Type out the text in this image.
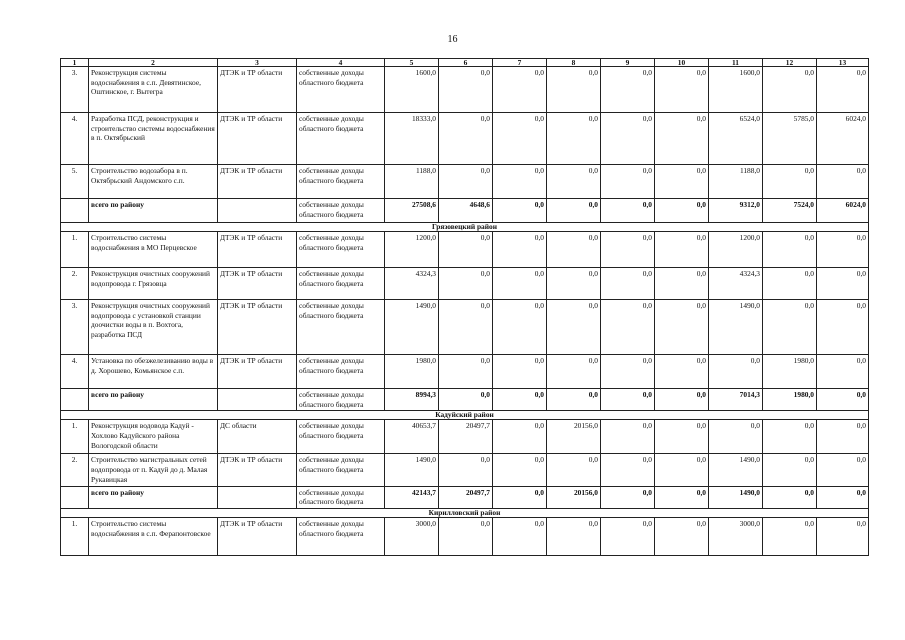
16
1	2	3	4	5	6	7	8	9	10	11	12	13
3.	Реконструкция системы водоснабжения в с.п. Девятинское, Оштинское, г. Вытегра	ДТЭК и ТР области	собственные доходы областного бюджета	1600,0	0,0	0,0	0,0	0,0	0,0	1600,0	0,0	0,0
4.	Разработка ПСД, реконструкция и строительство системы водоснабжения в п. Октябрьский	ДТЭК и ТР области	собственные доходы областного бюджета	18333,0	0,0	0,0	0,0	0,0	0,0	6524,0	5785,0	6024,0
5.	Строительство водозабора в п. Октябрьский Андомского с.п.	ДТЭК и ТР области	собственные доходы областного бюджета	1188,0	0,0	0,0	0,0	0,0	0,0	1188,0	0,0	0,0
	всего по району		собственные доходы областного бюджета	27508,6	4648,6	0,0	0,0	0,0	0,0	9312,0	7524,0	6024,0
Грязовецкий район												
1.	Строительство системы водоснабжения в МО Перцевское	ДТЭК и ТР области	собственные доходы областного бюджета	1200,0	0,0	0,0	0,0	0,0	0,0	1200,0	0,0	0,0
2.	Реконструкция очистных сооружений водопровода г. Грязовца	ДТЭК и ТР области	собственные доходы областного бюджета	4324,3	0,0	0,0	0,0	0,0	0,0	4324,3	0,0	0,0
3.	Реконструкция очистных сооружений водопровода с установкой станции доочистки воды в п. Вохтога, разработка ПСД	ДТЭК и ТР области	собственные доходы областного бюджета	1490,0	0,0	0,0	0,0	0,0	0,0	1490,0	0,0	0,0
4.	Установка по обезжелезиванию воды в д. Хорошево, Комьянское с.п.	ДТЭК и ТР области	собственные доходы областного бюджета	1980,0	0,0	0,0	0,0	0,0	0,0	0,0	1980,0	0,0
	всего по району		собственные доходы областного бюджета	8994,3	0,0	0,0	0,0	0,0	0,0	7014,3	1980,0	0,0
Кадуйский район												
1.	Реконструкция водовода Кадуй - Хохлово Кадуйского района Вологодской области	ДС области	собственные доходы областного бюджета	40653,7	20497,7	0,0	20156,0	0,0	0,0	0,0	0,0	0,0
2.	Строительство магистральных сетей водопровода от п. Кадуй до д. Малая Рукавицкая	ДТЭК и ТР области	собственные доходы областного бюджета	1490,0	0,0	0,0	0,0	0,0	0,0	1490,0	0,0	0,0
	всего по району		собственные доходы областного бюджета	42143,7	20497,7	0,0	20156,0	0,0	0,0	1490,0	0,0	0,0
Кирилловский район												
1.	Строительство системы водоснабжения в с.п. Ферапонтовское	ДТЭК и ТР области	собственные доходы областного бюджета	3000,0	0,0	0,0	0,0	0,0	0,0	3000,0	0,0	0,0
